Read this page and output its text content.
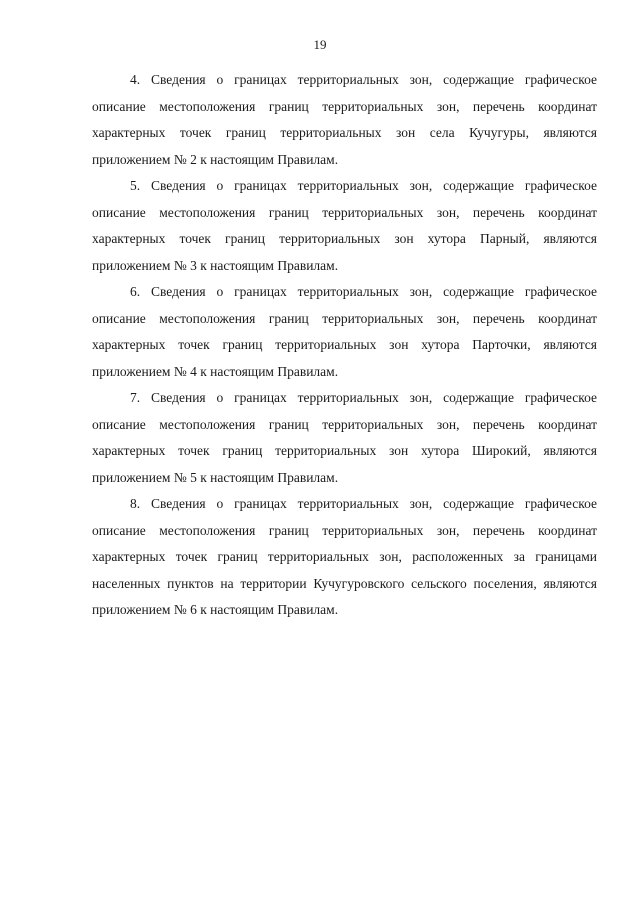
19

4. Сведения о границах территориальных зон, содержащие графическое описание местоположения границ территориальных зон, перечень координат характерных точек границ территориальных зон села Кучугуры, являются приложением № 2 к настоящим Правилам.

5. Сведения о границах территориальных зон, содержащие графическое описание местоположения границ территориальных зон, перечень координат характерных точек границ территориальных зон хутора Парный, являются приложением № 3 к настоящим Правилам.

6. Сведения о границах территориальных зон, содержащие графическое описание местоположения границ территориальных зон, перечень координат характерных точек границ территориальных зон хутора Парточки, являются приложением № 4 к настоящим Правилам.

7. Сведения о границах территориальных зон, содержащие графическое описание местоположения границ территориальных зон, перечень координат характерных точек границ территориальных зон хутора Широкий, являются приложением № 5 к настоящим Правилам.

8. Сведения о границах территориальных зон, содержащие графическое описание местоположения границ территориальных зон, перечень координат характерных точек границ территориальных зон, расположенных за границами населенных пунктов на территории Кучугуровского сельского поселения, являются приложением № 6 к настоящим Правилам.
